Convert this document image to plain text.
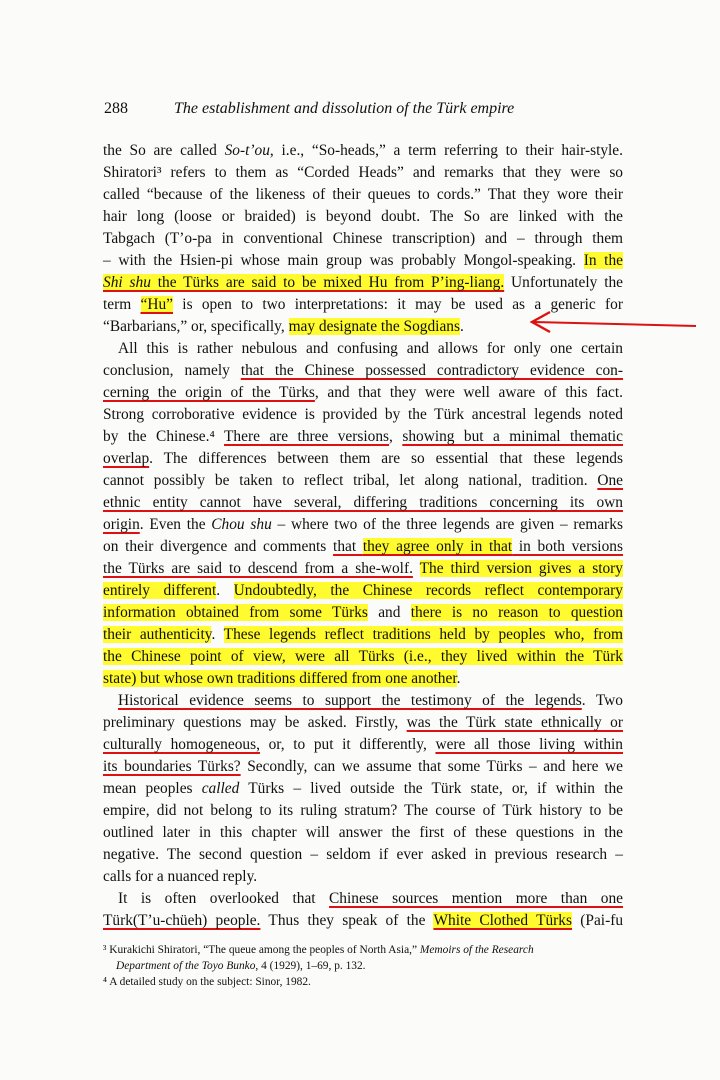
288	The establishment and dissolution of the Türk empire
the So are called So-t’ou, i.e., “So-heads,” a term referring to their hair-style.
Shiratori³ refers to them as “Corded Heads” and remarks that they were so
called “because of the likeness of their queues to cords.” That they wore their
hair long (loose or braided) is beyond doubt. The So are linked with the
Tabgach (T’o-pa in conventional Chinese transcription) and – through them
– with the Hsien-pi whose main group was probably Mongol-speaking. In the
Shi shu the Türks are said to be mixed Hu from P’ing-liang. Unfortunately the
term “Hu” is open to two interpretations: it may be used as a generic for
“Barbarians,” or, specifically, may designate the Sogdians.
All this is rather nebulous and confusing and allows for only one certain
conclusion, namely that the Chinese possessed contradictory evidence con-
cerning the origin of the Türks, and that they were well aware of this fact.
Strong corroborative evidence is provided by the Türk ancestral legends noted
by the Chinese.⁴ There are three versions, showing but a minimal thematic
overlap. The differences between them are so essential that these legends
cannot possibly be taken to reflect tribal, let along national, tradition. One
ethnic entity cannot have several, differing traditions concerning its own
origin. Even the Chou shu – where two of the three legends are given – remarks
on their divergence and comments that they agree only in that in both versions
the Türks are said to descend from a she-wolf. The third version gives a story
entirely different. Undoubtedly, the Chinese records reflect contemporary
information obtained from some Türks and there is no reason to question
their authenticity. These legends reflect traditions held by peoples who, from
the Chinese point of view, were all Türks (i.e., they lived within the Türk
state) but whose own traditions differed from one another.
Historical evidence seems to support the testimony of the legends. Two
preliminary questions may be asked. Firstly, was the Türk state ethnically or
culturally homogeneous, or, to put it differently, were all those living within
its boundaries Türks? Secondly, can we assume that some Türks – and here we
mean peoples called Türks – lived outside the Türk state, or, if within the
empire, did not belong to its ruling stratum? The course of Türk history to be
outlined later in this chapter will answer the first of these questions in the
negative. The second question – seldom if ever asked in previous research –
calls for a nuanced reply.
It is often overlooked that Chinese sources mention more than one
Türk(T’u-chüeh) people. Thus they speak of the White Clothed Türks (Pai-fu
³ Kurakichi Shiratori, “The queue among the peoples of North Asia,” Memoirs of the Research
Department of the Toyo Bunko, 4 (1929), 1–69, p. 132.
⁴ A detailed study on the subject: Sinor, 1982.
